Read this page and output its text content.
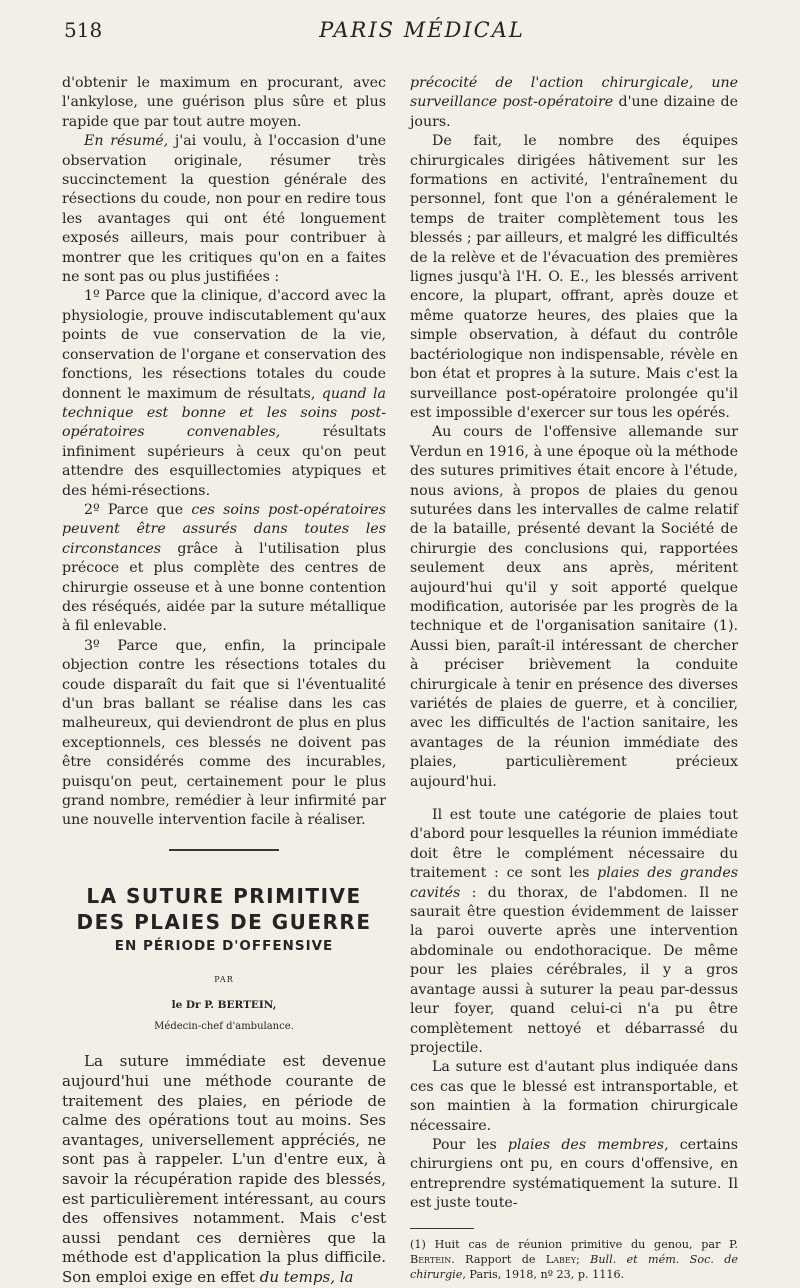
518	PARIS MÉDICAL

d'obtenir le maximum en procurant, avec l'ankylose, une guérison plus sûre et plus rapide que par tout autre moyen.

En résumé, j'ai voulu, à l'occasion d'une observation originale, résumer très succinctement la question générale des résections du coude, non pour en redire tous les avantages qui ont été longuement exposés ailleurs, mais pour contribuer à montrer que les critiques qu'on en a faites ne sont pas ou plus justifiées :

1º Parce que la clinique, d'accord avec la physiologie, prouve indiscutablement qu'aux points de vue conservation de la vie, conservation de l'organe et conservation des fonctions, les résections totales du coude donnent le maximum de résultats, quand la technique est bonne et les soins post-opératoires convenables, résultats infiniment supérieurs à ceux qu'on peut attendre des esquillectomies atypiques et des hémi-résections.

2º Parce que ces soins post-opératoires peuvent être assurés dans toutes les circonstances grâce à l'utilisation plus précoce et plus complète des centres de chirurgie osseuse et à une bonne contention des réséqués, aidée par la suture métallique à fil enlevable.

3º Parce que, enfin, la principale objection contre les résections totales du coude disparaît du fait que si l'éventualité d'un bras ballant se réalise dans les cas malheureux, qui deviendront de plus en plus exceptionnels, ces blessés ne doivent pas être considérés comme des incurables, puisqu'on peut, certainement pour le plus grand nombre, remédier à leur infirmité par une nouvelle intervention facile à réaliser.

LA SUTURE PRIMITIVE
DES PLAIES DE GUERRE
EN PÉRIODE D'OFFENSIVE
PAR
le Dr P. BERTEIN,
Médecin-chef d'ambulance.

La suture immédiate est devenue aujourd'hui une méthode courante de traitement des plaies, en période de calme des opérations tout au moins. Ses avantages, universellement appréciés, ne sont pas à rappeler. L'un d'entre eux, à savoir la récupération rapide des blessés, est particulièrement intéressant, au cours des offensives notamment. Mais c'est aussi pendant ces dernières que la méthode est d'application la plus difficile. Son emploi exige en effet du temps, la

précocité de l'action chirurgicale, une surveillance post-opératoire d'une dizaine de jours.

De fait, le nombre des équipes chirurgicales dirigées hâtivement sur les formations en activité, l'entraînement du personnel, font que l'on a généralement le temps de traiter complètement tous les blessés ; par ailleurs, et malgré les difficultés de la relève et de l'évacuation des premières lignes jusqu'à l'H. O. E., les blessés arrivent encore, la plupart, offrant, après douze et même quatorze heures, des plaies que la simple observation, à défaut du contrôle bactériologique non indispensable, révèle en bon état et propres à la suture. Mais c'est la surveillance post-opératoire prolongée qu'il est impossible d'exercer sur tous les opérés.

Au cours de l'offensive allemande sur Verdun en 1916, à une époque où la méthode des sutures primitives était encore à l'étude, nous avions, à propos de plaies du genou suturées dans les intervalles de calme relatif de la bataille, présenté devant la Société de chirurgie des conclusions qui, rapportées seulement deux ans après, méritent aujourd'hui qu'il y soit apporté quelque modification, autorisée par les progrès de la technique et de l'organisation sanitaire (1). Aussi bien, paraît-il intéressant de chercher à préciser brièvement la conduite chirurgicale à tenir en présence des diverses variétés de plaies de guerre, et à concilier, avec les difficultés de l'action sanitaire, les avantages de la réunion immédiate des plaies, particulièrement précieux aujourd'hui.

Il est toute une catégorie de plaies tout d'abord pour lesquelles la réunion immédiate doit être le complément nécessaire du traitement : ce sont les plaies des grandes cavités : du thorax, de l'abdomen. Il ne saurait être question évidemment de laisser la paroi ouverte après une intervention abdominale ou endothoracique. De même pour les plaies cérébrales, il y a gros avantage aussi à suturer la peau par-dessus leur foyer, quand celui-ci n'a pu être complètement nettoyé et débarrassé du projectile.

La suture est d'autant plus indiquée dans ces cas que le blessé est intransportable, et son maintien à la formation chirurgicale nécessaire.

Pour les plaies des membres, certains chirurgiens ont pu, en cours d'offensive, en entreprendre systématiquement la suture. Il est juste toute-

(1) Huit cas de réunion primitive du genou, par P. Bertein. Rapport de Labey; Bull. et mém. Soc. de chirurgie, Paris, 1918, nº 23, p. 1116.
